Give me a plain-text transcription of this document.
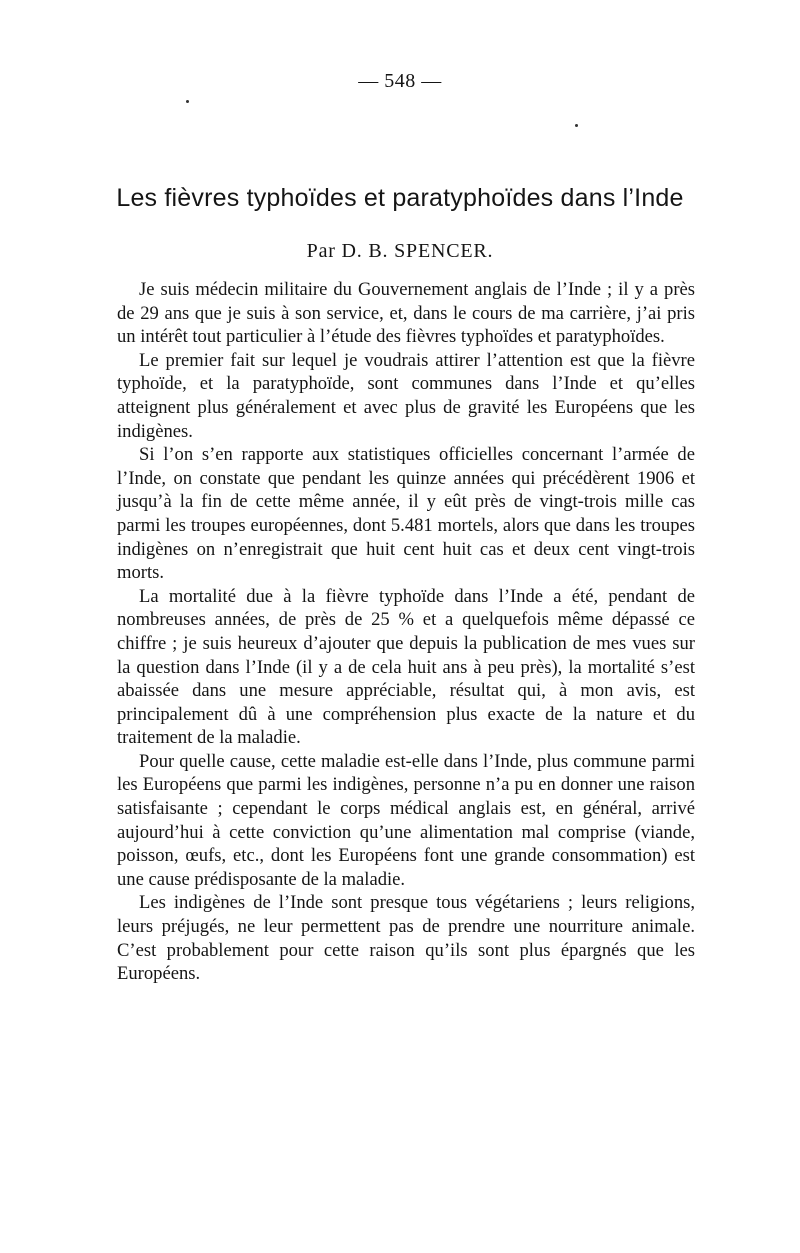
— 548 —
Les fièvres typhoïdes et paratyphoïdes dans l’Inde
Par D. B. SPENCER.

Je suis médecin militaire du Gouvernement anglais de l’Inde ; il y a près de 29 ans que je suis à son service, et, dans le cours de ma carrière, j’ai pris un intérêt tout particulier à l’étude des fièvres typhoïdes et paratyphoïdes.

Le premier fait sur lequel je voudrais attirer l’attention est que la fièvre typhoïde, et la paratyphoïde, sont communes dans l’Inde et qu’elles atteignent plus généralement et avec plus de gravité les Européens que les indigènes.

Si l’on s’en rapporte aux statistiques officielles concernant l’armée de l’Inde, on constate que pendant les quinze années qui précédèrent 1906 et jusqu’à la fin de cette même année, il y eût près de vingt-trois mille cas parmi les troupes européennes, dont 5.481 mortels, alors que dans les troupes indigènes on n’enregistrait que huit cent huit cas et deux cent vingt-trois morts.

La mortalité due à la fièvre typhoïde dans l’Inde a été, pendant de nombreuses années, de près de 25 % et a quelquefois même dépassé ce chiffre ; je suis heureux d’ajouter que depuis la publication de mes vues sur la question dans l’Inde (il y a de cela huit ans à peu près), la mortalité s’est abaissée dans une mesure appréciable, résultat qui, à mon avis, est principalement dû à une compréhension plus exacte de la nature et du traitement de la maladie.

Pour quelle cause, cette maladie est-elle dans l’Inde, plus commune parmi les Européens que parmi les indigènes, personne n’a pu en donner une raison satisfaisante ; cependant le corps médical anglais est, en général, arrivé aujourd’hui à cette conviction qu’une alimentation mal comprise (viande, poisson, œufs, etc., dont les Européens font une grande consommation) est une cause prédisposante de la maladie.

Les indigènes de l’Inde sont presque tous végétariens ; leurs religions, leurs préjugés, ne leur permettent pas de prendre une nourriture animale. C’est probablement pour cette raison qu’ils sont plus épargnés que les Européens.
